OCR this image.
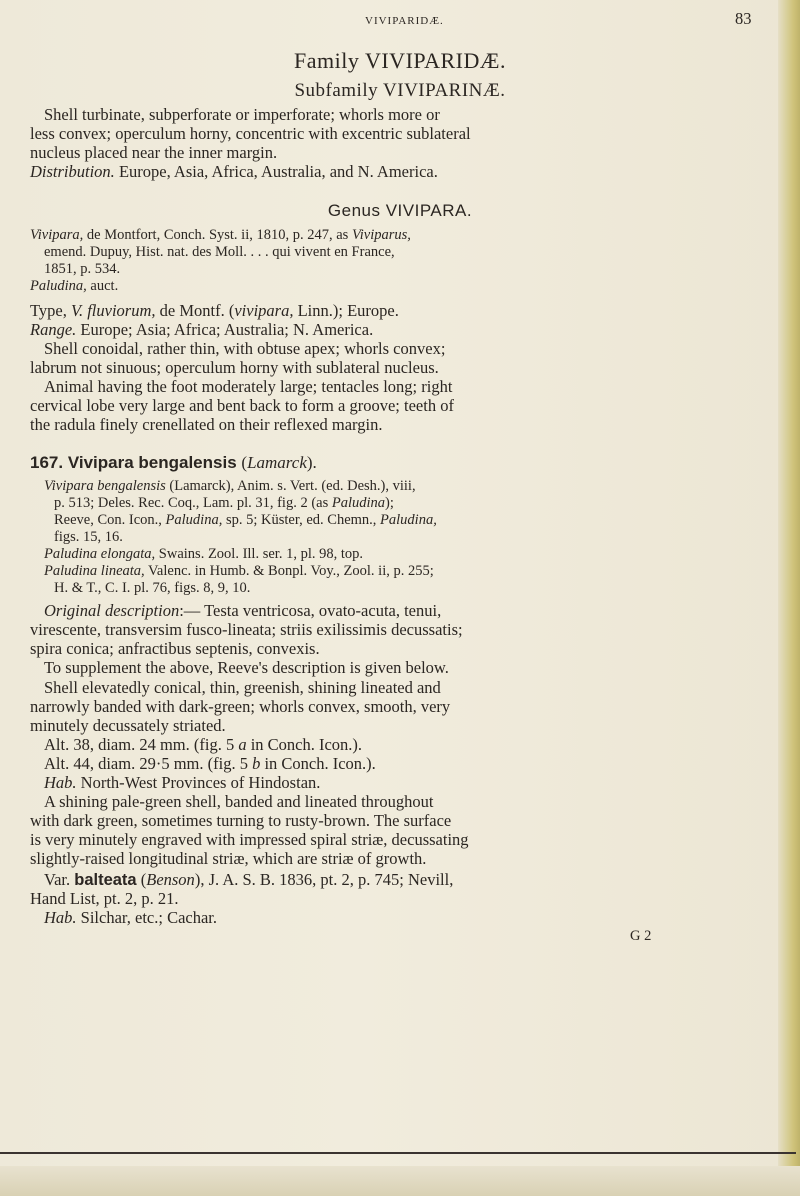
VIVIPARIDÆ.	83
Family VIVIPARIDÆ.
Subfamily VIVIPARINÆ.
Shell turbinate, subperforate or imperforate; whorls more or
less convex; operculum horny, concentric with excentric sublateral
nucleus placed near the inner margin.
Distribution. Europe, Asia, Africa, Australia, and N. America.
Genus VIVIPARA.
Vivipara, de Montfort, Conch. Syst. ii, 1810, p. 247, as Viviparus,
emend. Dupuy, Hist. nat. des Moll. . . . qui vivent en France,
1851, p. 534.
Paludina, auct.
Type, V. fluviorum, de Montf. (vivipara, Linn.); Europe.
Range. Europe; Asia; Africa; Australia; N. America.
Shell conoidal, rather thin, with obtuse apex; whorls convex;
labrum not sinuous; operculum horny with sublateral nucleus.
Animal having the foot moderately large; tentacles long; right
cervical lobe very large and bent back to form a groove; teeth of
the radula finely crenellated on their reflexed margin.
167. Vivipara bengalensis (Lamarck).
Vivipara bengalensis (Lamarck), Anim. s. Vert. (ed. Desh.), viii,
p. 513; Deles. Rec. Coq., Lam. pl. 31, fig. 2 (as Paludina);
Reeve, Con. Icon., Paludina, sp. 5; Küster, ed. Chemn., Paludina,
figs. 15, 16.
Paludina elongata, Swains. Zool. Ill. ser. 1, pl. 98, top.
Paludina lineata, Valenc. in Humb. & Bonpl. Voy., Zool. ii, p. 255;
H. & T., C. I. pl. 76, figs. 8, 9, 10.
Original description:— Testa ventricosa, ovato-acuta, tenui,
virescente, transversim fusco-lineata; striis exilissimis decussatis;
spira conica; anfractibus septenis, convexis.
To supplement the above, Reeve's description is given below.
Shell elevatedly conical, thin, greenish, shining lineated and
narrowly banded with dark-green; whorls convex, smooth, very
minutely decussately striated.
Alt. 38, diam. 24 mm. (fig. 5 a in Conch. Icon.).
Alt. 44, diam. 29·5 mm. (fig. 5 b in Conch. Icon.).
Hab. North-West Provinces of Hindostan.
A shining pale-green shell, banded and lineated throughout
with dark green, sometimes turning to rusty-brown. The surface
is very minutely engraved with impressed spiral striæ, decussating
slightly-raised longitudinal striæ, which are striæ of growth.
Var. balteata (Benson), J. A. S. B. 1836, pt. 2, p. 745; Nevill,
Hand List, pt. 2, p. 21.
Hab. Silchar, etc.; Cachar.
G 2
